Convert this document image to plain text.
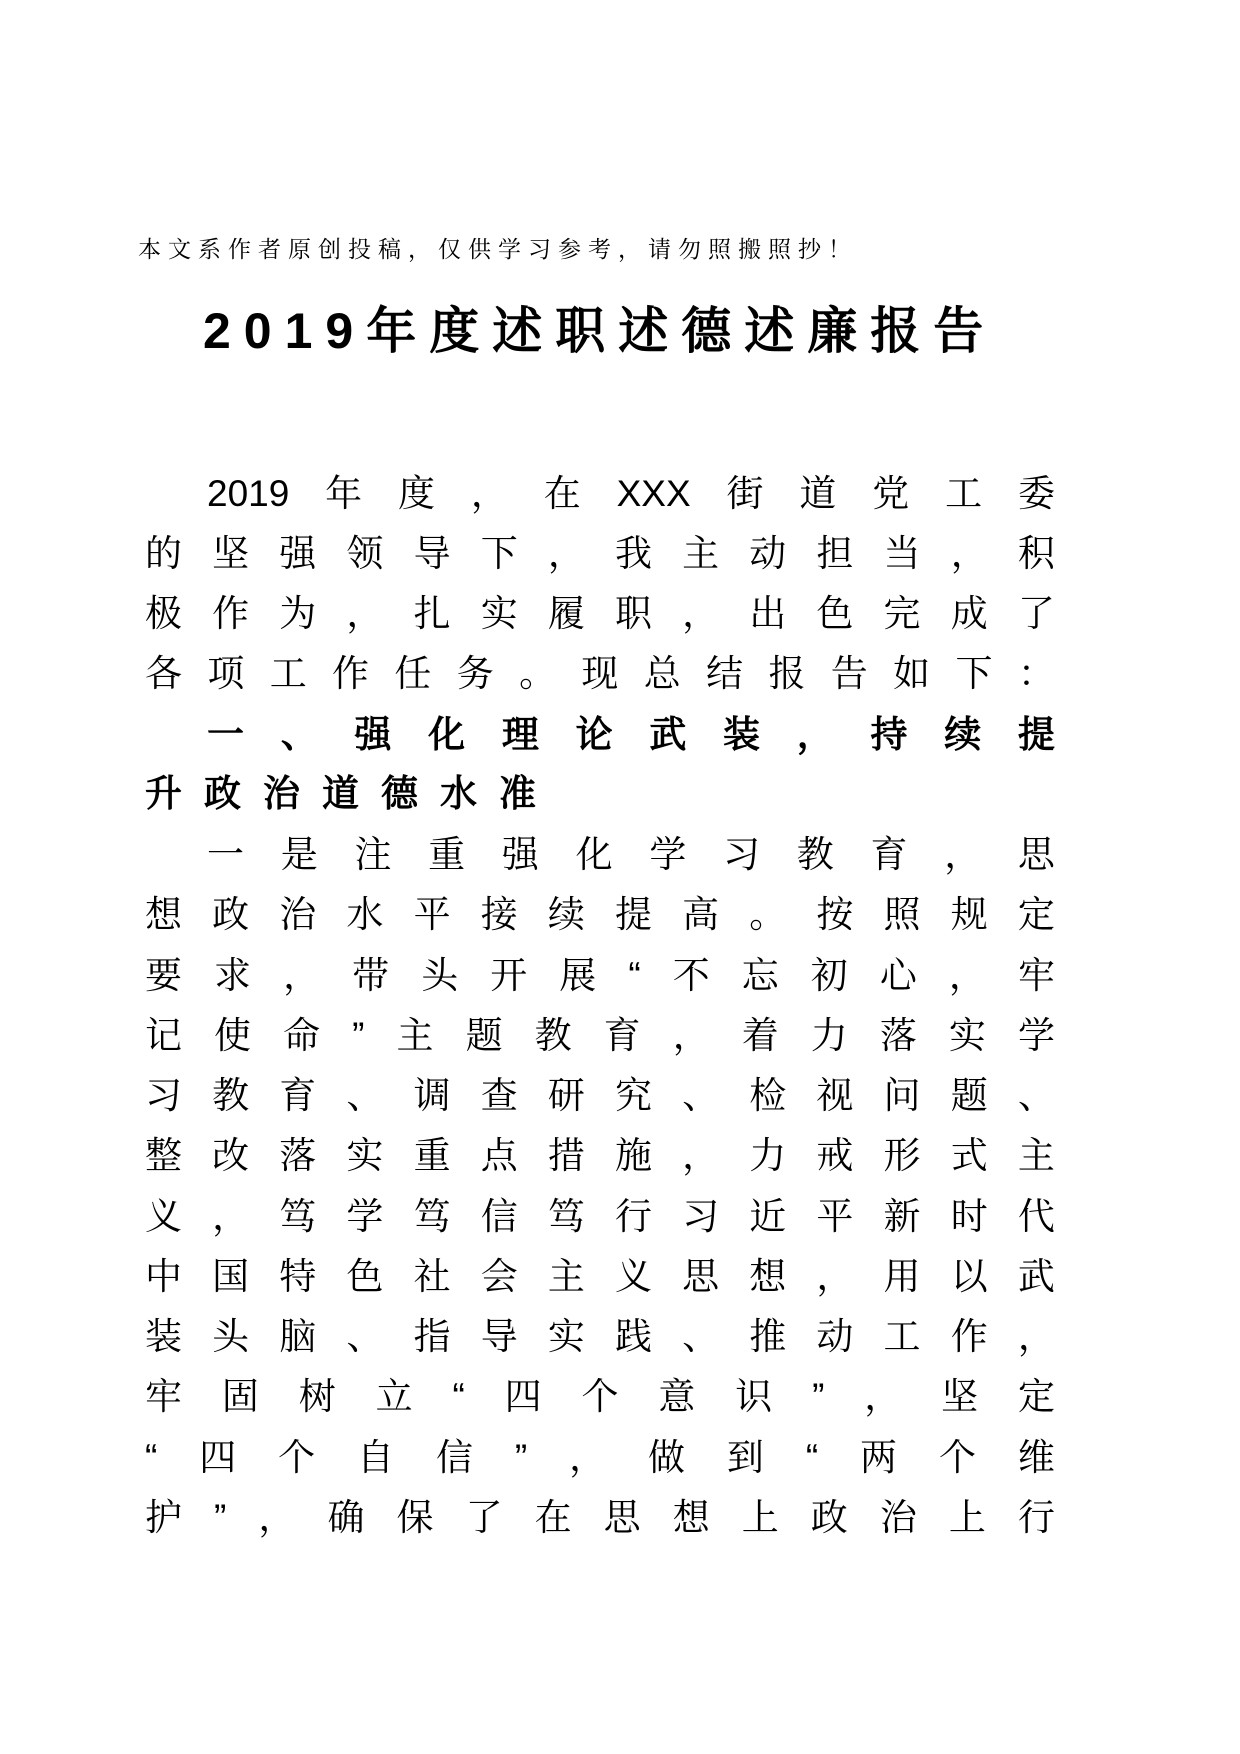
本文系作者原创投稿，仅供学习参考，请勿照搬照抄！
2019年度述职述德述廉报告
2019 年 度 ， 在 XXX 街 道 党 工 委
的 坚 强 领 导 下 ， 我 主 动 担 当 ， 积
极 作 为 ， 扎 实 履 职 ， 出 色 完 成 了
各 项 工 作 任 务 。 现 总 结 报 告 如 下 ：
一 、 强 化 理 论 武 装 ， 持 续 提
升政治道德水准
一 是 注 重 强 化 学 习 教 育 ， 思
想 政 治 水 平 接 续 提 高 。 按 照 规 定
要 求 ， 带 头 开 展 “ 不 忘 初 心 ， 牢
记 使 命 ” 主 题 教 育 ， 着 力 落 实 学
习 教 育 、 调 查 研 究 、 检 视 问 题 、
整 改 落 实 重 点 措 施 ， 力 戒 形 式 主
义 ， 笃 学 笃 信 笃 行 习 近 平 新 时 代
中 国 特 色 社 会 主 义 思 想 ， 用 以 武
装 头 脑 、 指 导 实 践 、 推 动 工 作 ，
牢 固 树 立 “ 四 个 意 识 ” ， 坚 定
“ 四 个 自 信 ” ， 做 到 “ 两 个 维
护 ” ， 确 保 了 在 思 想 上 政 治 上 行
